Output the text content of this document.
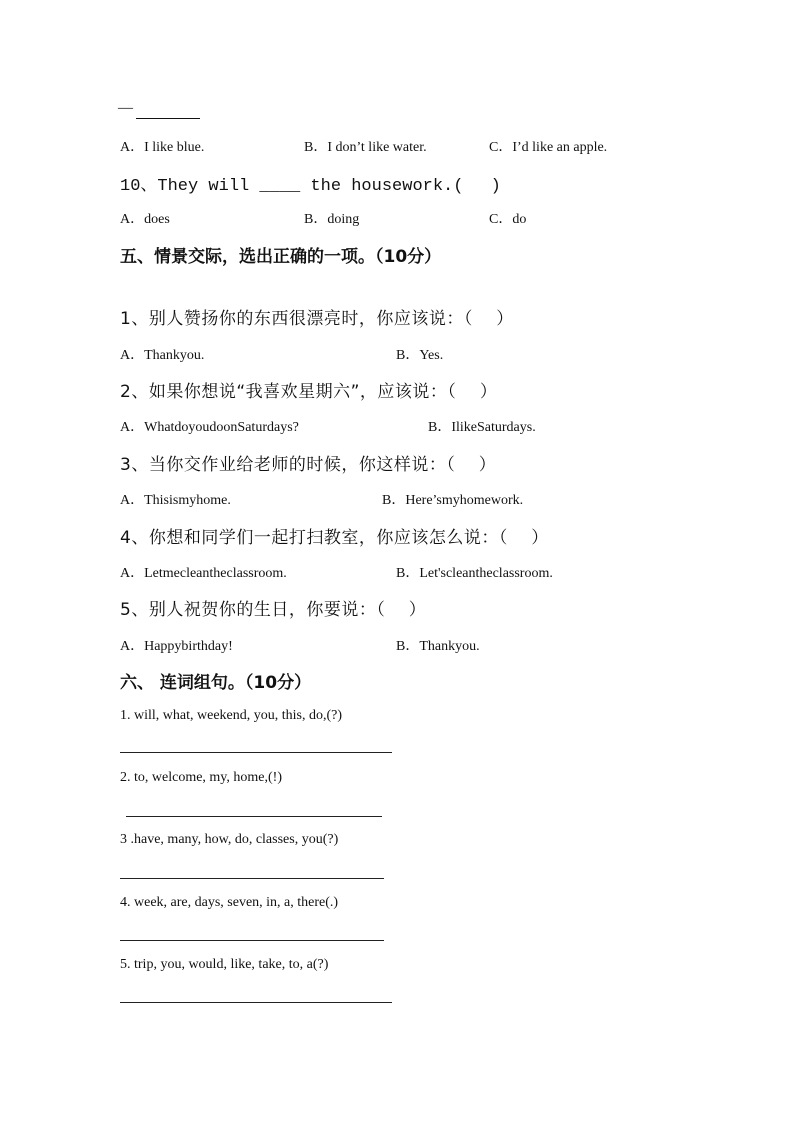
—
A．I like blue.	B．I don’t like water.	C．I’d like an apple.
10、They will ____ the housework.(　 )
A．does	B．doing	C．do
五、情景交际，选出正确的一项。（10分）
1、别人赞扬你的东西很漂亮时，你应该说：（　 ）
A．Thankyou.	B．Yes.
2、如果你想说“我喜欢星期六”，应该说：（　 ）
A．WhatdoyoudoonSaturdays?	B．IlikeSaturdays.
3、当你交作业给老师的时候，你这样说：（　 ）
A．Thisismyhome.	B．Here’smyhomework.
4、你想和同学们一起打扫教室，你应该怎么说：（　 ）
A．Letmecleantheclassroom.	B．Let'scleantheclassroom.
5、别人祝贺你的生日，你要说：（　 ）
A．Happybirthday!	B．Thankyou.
六、 连词组句。（10分）
1. will, what, weekend, you, this, do,(?)
2. to, welcome, my, home,(!)
3 .have, many, how, do, classes, you(?)
4. week, are, days, seven, in, a, there(.)
5. trip, you, would, like, take, to, a(?)
